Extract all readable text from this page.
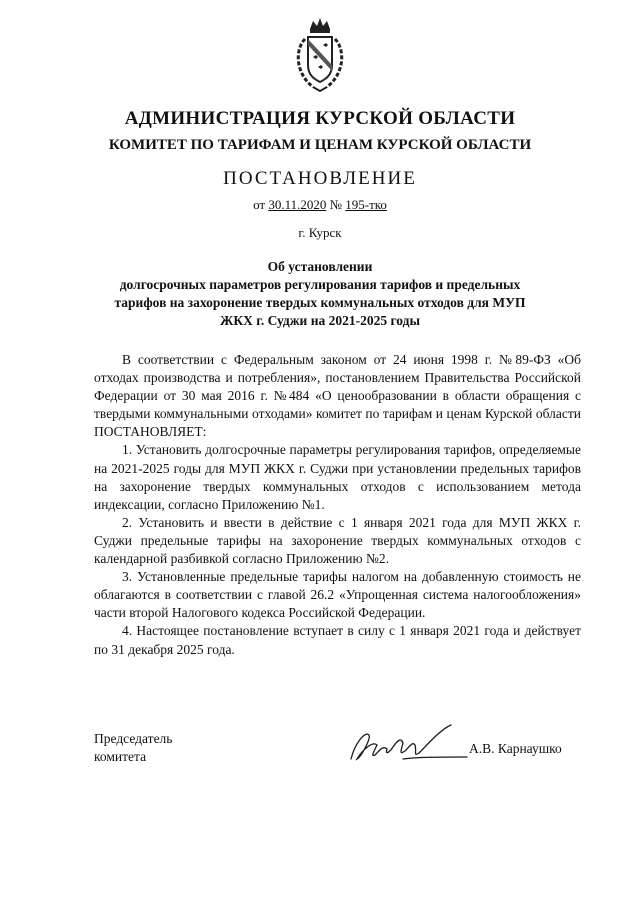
АДМИНИСТРАЦИЯ КУРСКОЙ ОБЛАСТИ
КОМИТЕТ ПО ТАРИФАМ И ЦЕНАМ КУРСКОЙ ОБЛАСТИ
ПОСТАНОВЛЕНИЕ
от 30.11.2020 № 195-тко
г. Курск
Об установлении
долгосрочных параметров регулирования тарифов и предельных
тарифов на захоронение твердых коммунальных отходов для МУП
ЖКХ г. Суджи на 2021-2025 годы

В соответствии с Федеральным законом от 24 июня 1998 г. №89-ФЗ «Об отходах производства и потребления», постановлением Правительства Российской Федерации от 30 мая 2016 г. №484 «О ценообразовании в области обращения с твердыми коммунальными отходами» комитет по тарифам и ценам Курской области ПОСТАНОВЛЯЕТ:

1. Установить долгосрочные параметры регулирования тарифов, определяемые на 2021-2025 годы для МУП ЖКХ г. Суджи при установлении предельных тарифов на захоронение твердых коммунальных отходов с использованием метода индексации, согласно Приложению №1.

2. Установить и ввести в действие с 1 января 2021 года для МУП ЖКХ г. Суджи предельные тарифы на захоронение твердых коммунальных отходов с календарной разбивкой согласно Приложению №2.

3. Установленные предельные тарифы налогом на добавленную стоимость не облагаются в соответствии с главой 26.2 «Упрощенная система налогообложения» части второй Налогового кодекса Российской Федерации.

4. Настоящее постановление вступает в силу с 1 января 2021 года и действует по 31 декабря 2025 года.

Председатель
комитета
А.В. Карнаушко
